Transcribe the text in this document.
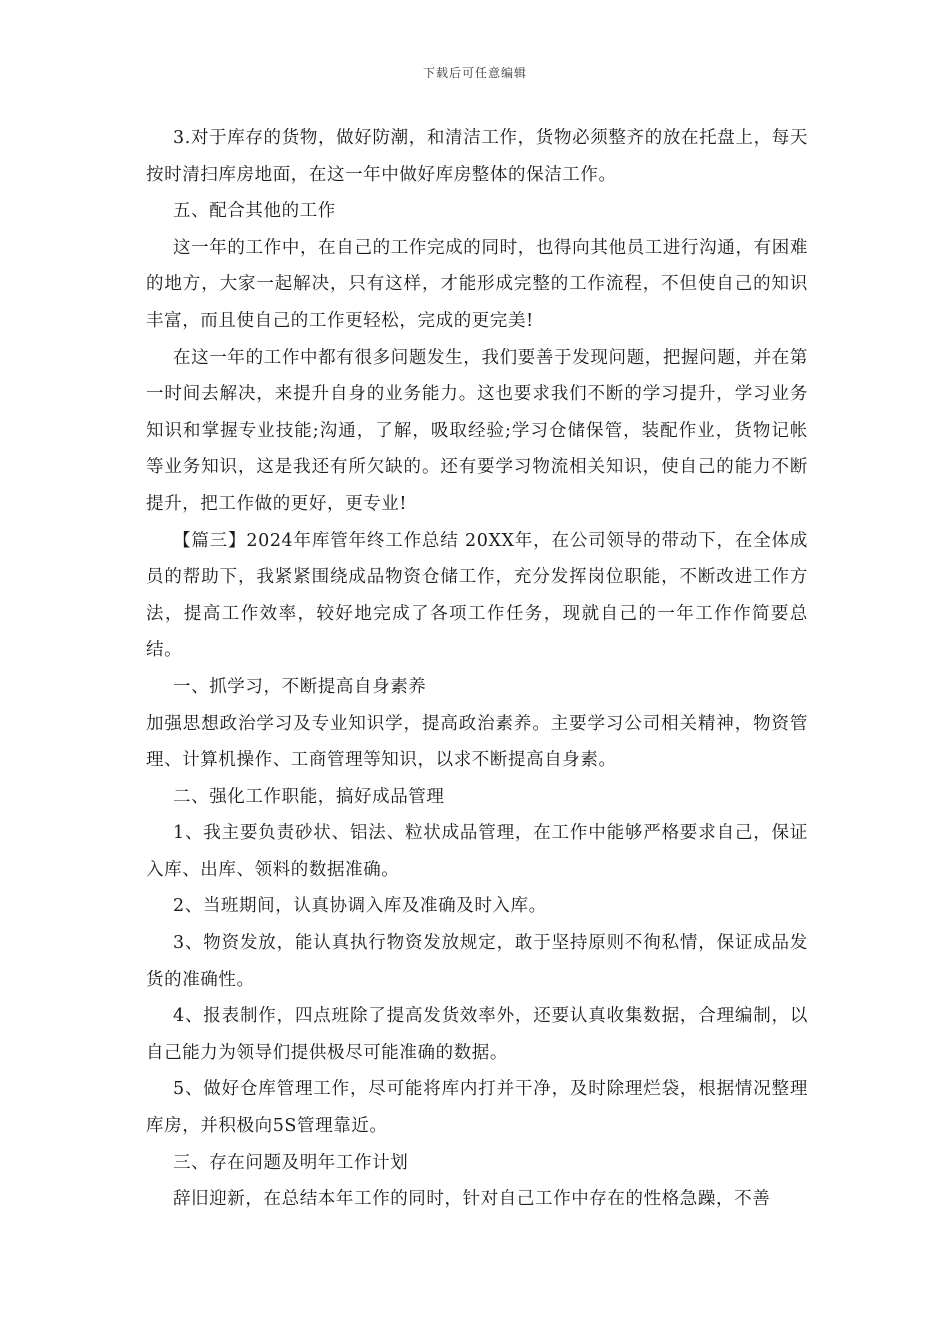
下载后可任意编辑

3.对于库存的货物，做好防潮，和清洁工作，货物必须整齐的放在托盘上，每天按时清扫库房地面，在这一年中做好库房整体的保洁工作。

五、配合其他的工作

这一年的工作中，在自己的工作完成的同时，也得向其他员工进行沟通，有困难的地方，大家一起解决，只有这样，才能形成完整的工作流程，不但使自己的知识丰富，而且使自己的工作更轻松，完成的更完美!

在这一年的工作中都有很多问题发生，我们要善于发现问题，把握问题，并在第一时间去解决，来提升自身的业务能力。这也要求我们不断的学习提升，学习业务知识和掌握专业技能;沟通，了解，吸取经验;学习仓储保管，装配作业，货物记帐等业务知识，这是我还有所欠缺的。还有要学习物流相关知识，使自己的能力不断提升，把工作做的更好，更专业!

【篇三】2024年库管年终工作总结 20XX年，在公司领导的带动下，在全体成员的帮助下，我紧紧围绕成品物资仓储工作，充分发挥岗位职能，不断改进工作方法，提高工作效率，较好地完成了各项工作任务，现就自己的一年工作作简要总结。

一、抓学习，不断提高自身素养

加强思想政治学习及专业知识学，提高政治素养。主要学习公司相关精神，物资管理、计算机操作、工商管理等知识，以求不断提高自身素。

二、强化工作职能，搞好成品管理

1、我主要负责砂状、铝法、粒状成品管理，在工作中能够严格要求自己，保证入库、出库、领料的数据准确。

2、当班期间，认真协调入库及准确及时入库。

3、物资发放，能认真执行物资发放规定，敢于坚持原则不徇私情，保证成品发货的准确性。

4、报表制作，四点班除了提高发货效率外，还要认真收集数据，合理编制，以自己能力为领导们提供极尽可能准确的数据。

5、做好仓库管理工作，尽可能将库内打并干净，及时除理烂袋，根据情况整理库房，并积极向5S管理靠近。

三、存在问题及明年工作计划

辞旧迎新，在总结本年工作的同时，针对自己工作中存在的性格急躁，不善
